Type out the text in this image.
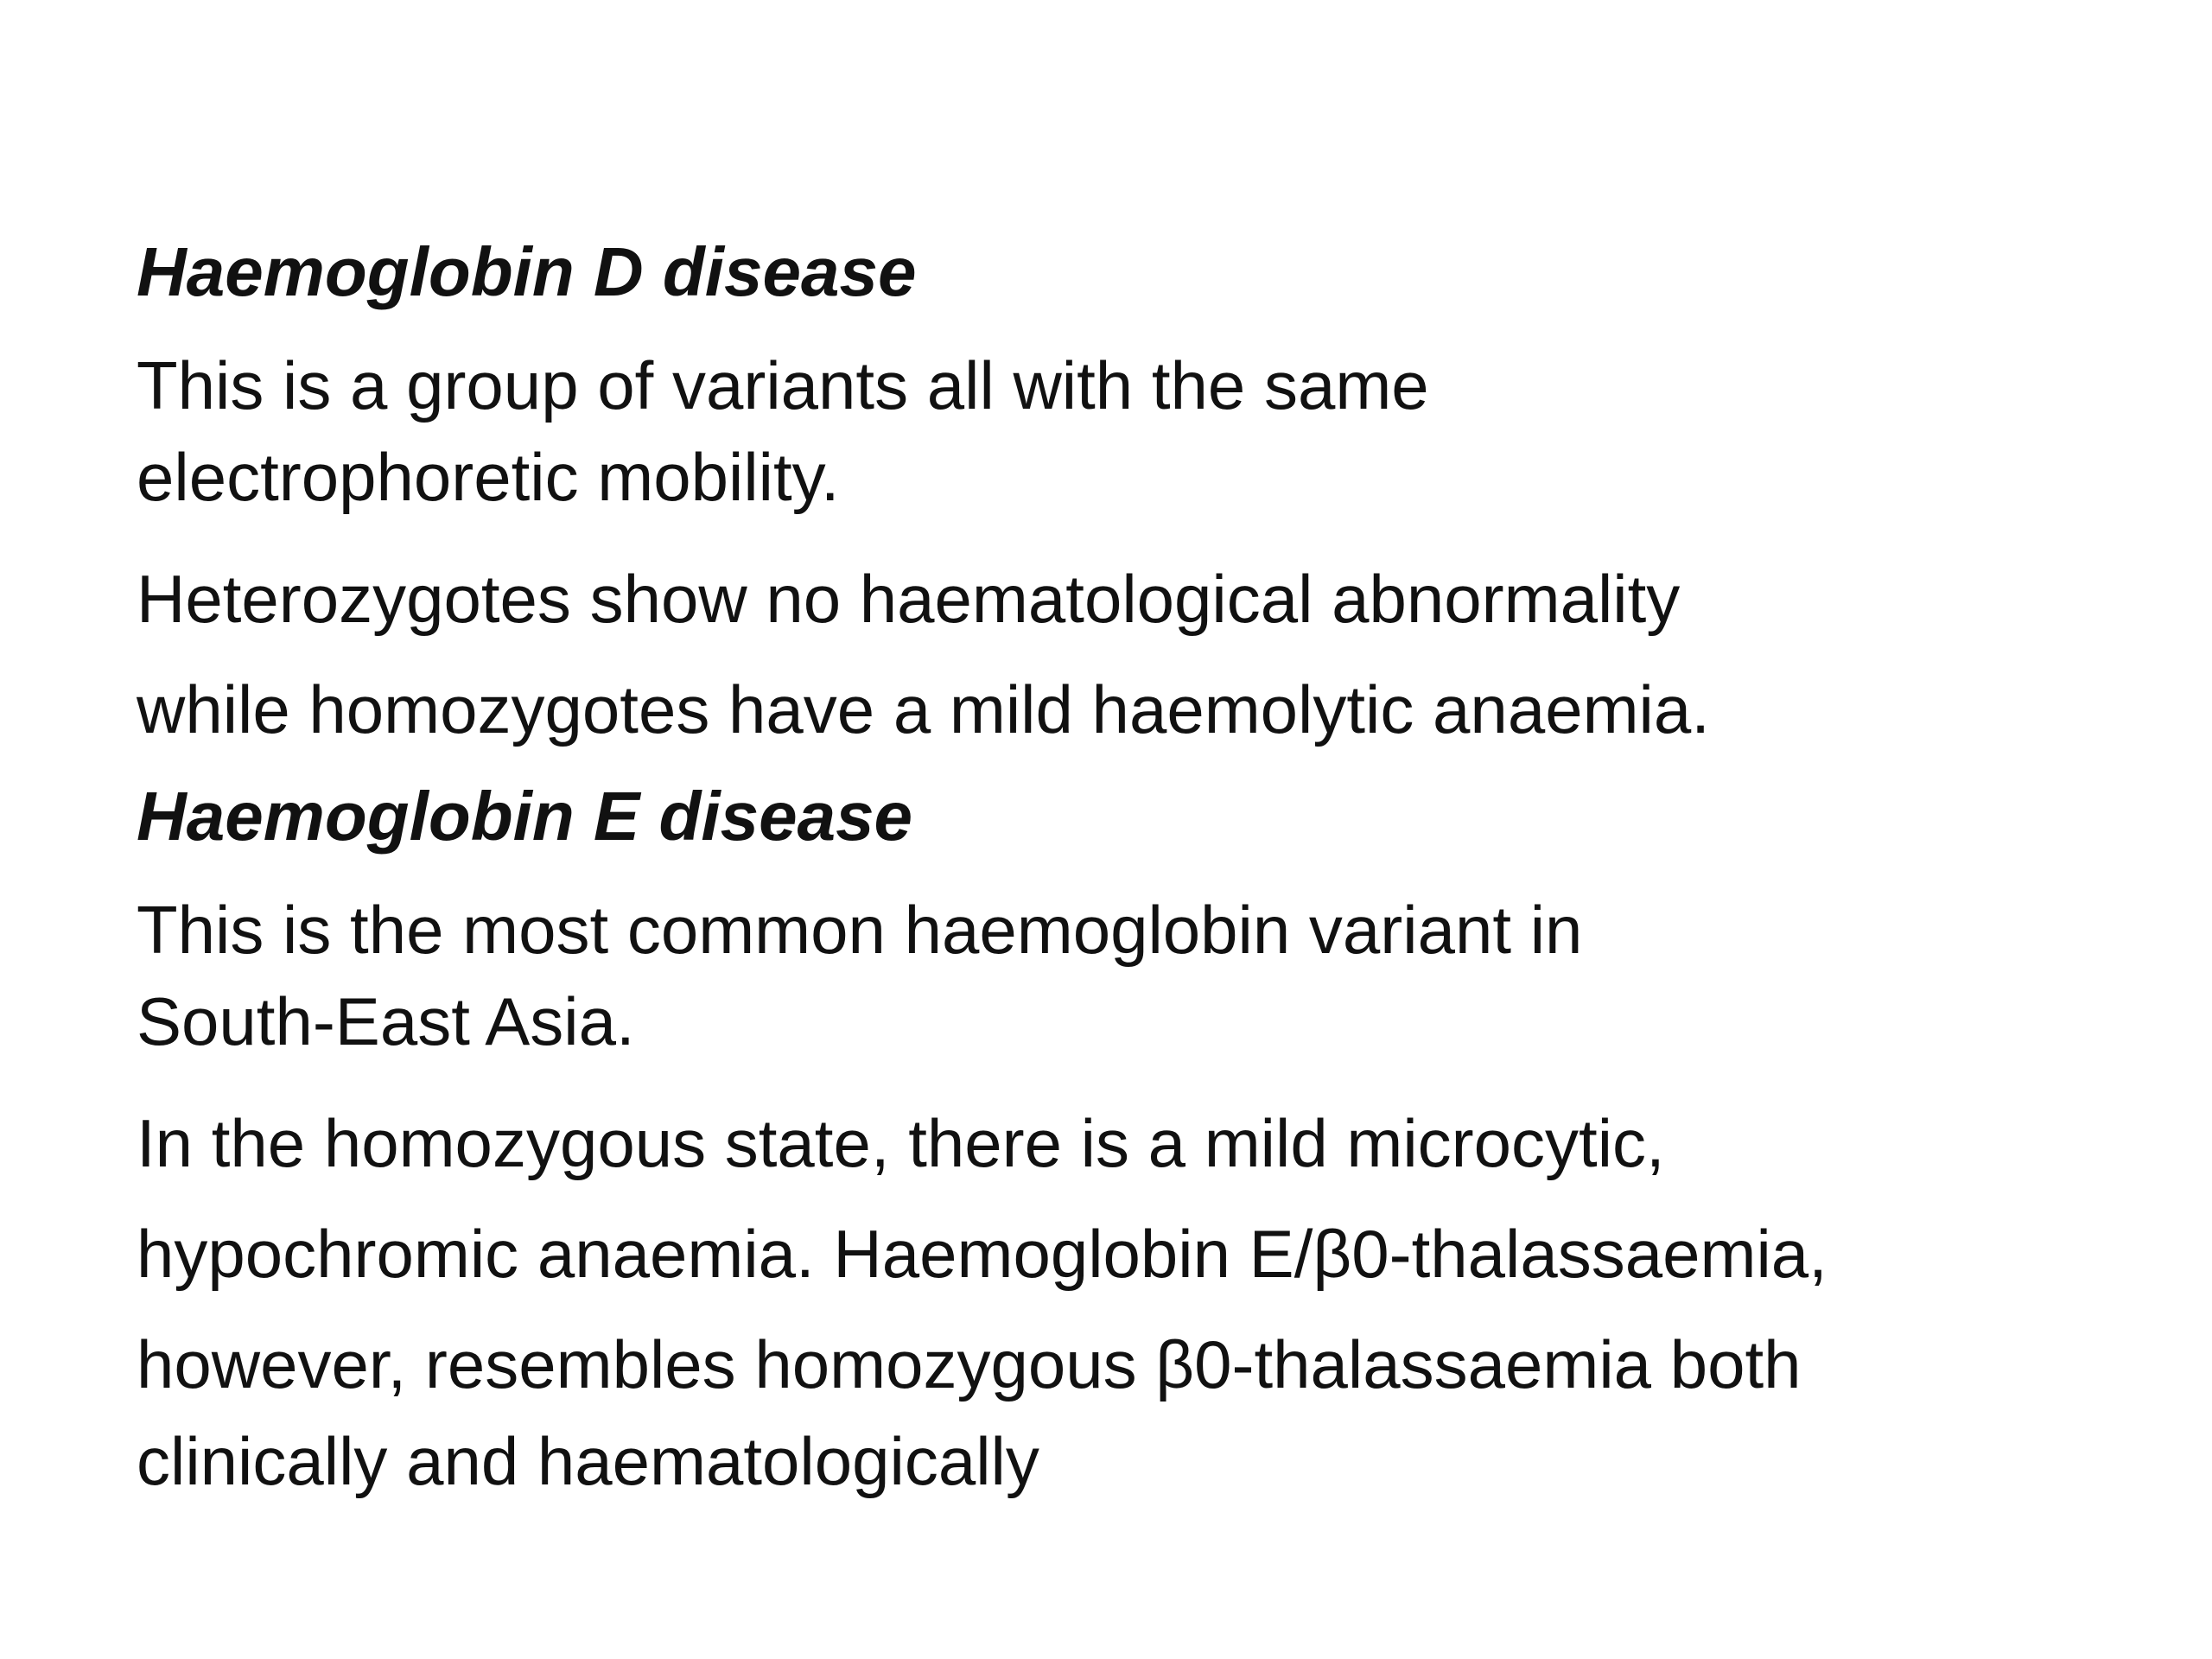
Haemoglobin D disease
This is a group of variants all with the same
electrophoretic mobility.
Heterozygotes show no haematological abnormality
while homozygotes have a mild haemolytic anaemia.
Haemoglobin E disease
This is the most common haemoglobin variant in
South-East Asia.
In the homozygous state, there is a mild microcytic,
hypochromic anaemia. Haemoglobin E/β0-thalassaemia,
however, resembles homozygous β0-thalassaemia both
clinically and haematologically
